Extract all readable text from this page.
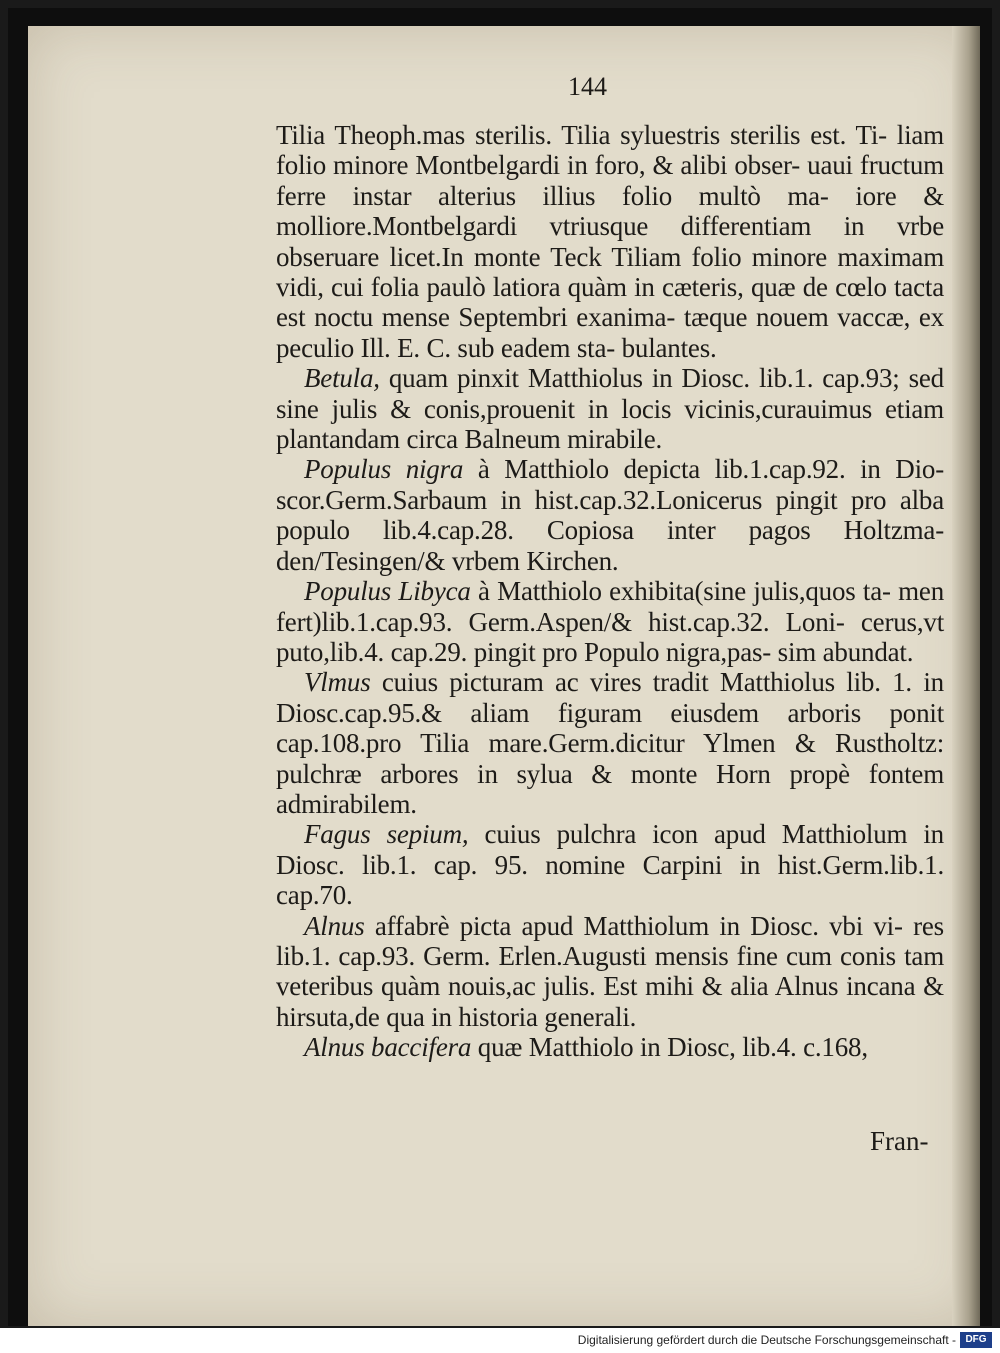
144

Tilia Theoph.mas sterilis. Tilia syluestris sterilis est. Ti- liam folio minore Montbelgardi in foro, & alibi obser- uaui fructum ferre instar alterius illius folio multò ma- iore & molliore.Montbelgardi vtriusque differentiam in vrbe obseruare licet.In monte Teck Tiliam folio minore maximam vidi, cui folia paulò latiora quàm in cæteris, quæ de cœlo tacta est noctu mense Septembri exanima- tæque nouem vaccæ, ex peculio Ill. E. C. sub eadem sta- bulantes.

Betula, quam pinxit Matthiolus in Diosc. lib.1. cap.93; sed sine julis & conis,prouenit in locis vicinis,curauimus etiam plantandam circa Balneum mirabile.

Populus nigra à Matthiolo depicta lib.1.cap.92. in Dio- scor.Germ.Sarbaum in hist.cap.32.Lonicerus pingit pro alba populo lib.4.cap.28. Copiosa inter pagos Holtzma- den/Tesingen/& vrbem Kirchen.

Populus Libyca à Matthiolo exhibita(sine julis,quos ta- men fert)lib.1.cap.93. Germ.Aspen/& hist.cap.32. Loni- cerus,vt puto,lib.4. cap.29. pingit pro Populo nigra,pas- sim abundat.

Vlmus cuius picturam ac vires tradit Matthiolus lib. 1. in Diosc.cap.95.& aliam figuram eiusdem arboris ponit cap.108.pro Tilia mare.Germ.dicitur Ylmen & Rustholtz: pulchræ arbores in sylua & monte Horn propè fontem admirabilem.

Fagus sepium, cuius pulchra icon apud Matthiolum in Diosc. lib.1. cap. 95. nomine Carpini in hist.Germ.lib.1. cap.70.

Alnus affabrè picta apud Matthiolum in Diosc. vbi vi- res lib.1. cap.93. Germ. Erlen.Augusti mensis fine cum conis tam veteribus quàm nouis,ac julis. Est mihi & alia Alnus incana & hirsuta,de qua in historia generali.

Alnus baccifera quæ Matthiolo in Diosc, lib.4. c.168,

Fran-
Digitalisierung gefördert durch die Deutsche Forschungsgemeinschaft - DFG
